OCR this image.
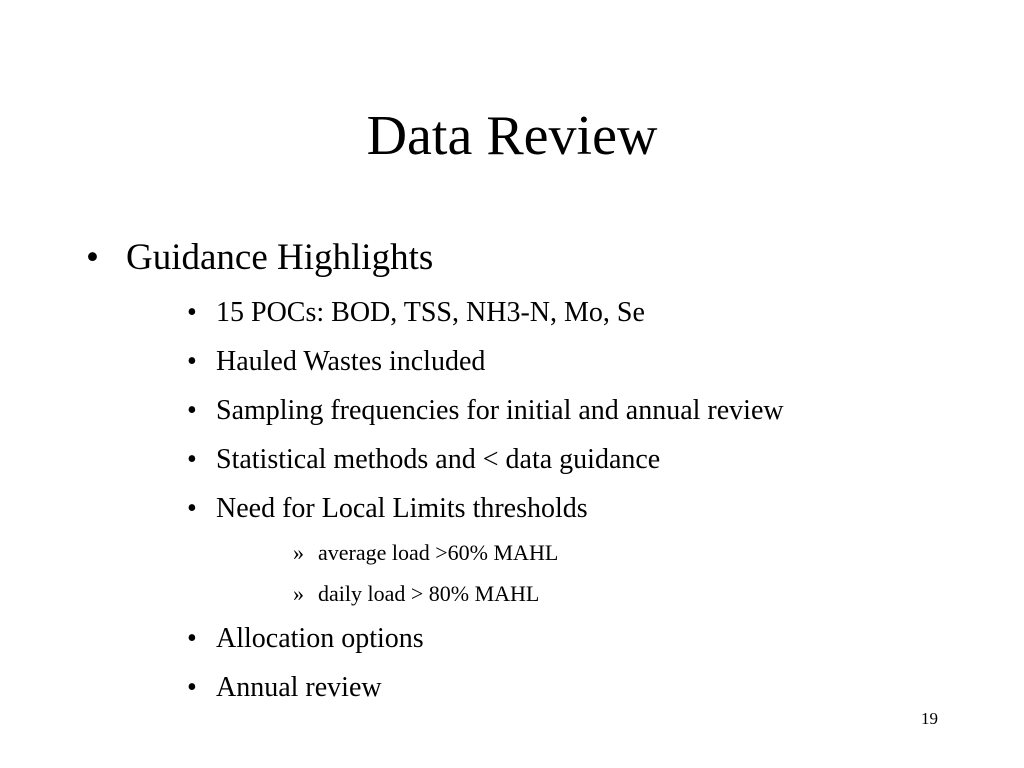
Data Review
• Guidance Highlights
• 15 POCs: BOD, TSS, NH3-N, Mo, Se
• Hauled Wastes included
• Sampling frequencies for initial and annual review
• Statistical methods and < data guidance
• Need for Local Limits thresholds
» average load >60% MAHL
» daily load > 80% MAHL
• Allocation options
• Annual review
19
